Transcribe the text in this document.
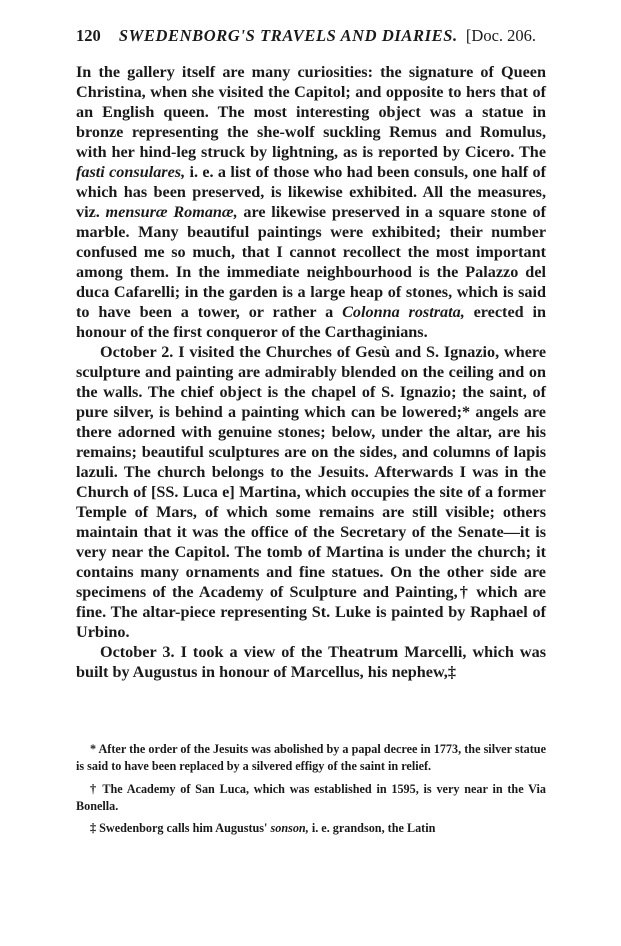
120 SWEDENBORG'S TRAVELS AND DIARIES. [Doc. 206.

In the gallery itself are many curiosities: the signature of Queen Christina, when she visited the Capitol; and opposite to hers that of an English queen. The most interesting object was a statue in bronze representing the she-wolf suckling Remus and Romulus, with her hind-leg struck by lightning, as is reported by Cicero. The fasti consulares, i. e. a list of those who had been consuls, one half of which has been preserved, is likewise exhibited. All the measures, viz. mensuræ Romanæ, are likewise preserved in a square stone of marble. Many beautiful paintings were exhibited; their number confused me so much, that I cannot recollect the most important among them. In the immediate neighbourhood is the Palazzo del duca Cafarelli; in the garden is a large heap of stones, which is said to have been a tower, or rather a Colonna rostrata, erected in honour of the first conqueror of the Carthaginians.

October 2. I visited the Churches of Gesù and S. Ignazio, where sculpture and painting are admirably blended on the ceiling and on the walls. The chief object is the chapel of S. Ignazio; the saint, of pure silver, is behind a painting which can be lowered;* angels are there adorned with genuine stones; below, under the altar, are his remains; beautiful sculptures are on the sides, and columns of lapis lazuli. The church belongs to the Jesuits. Afterwards I was in the Church of [SS. Luca e] Martina, which occupies the site of a former Temple of Mars, of which some remains are still visible; others maintain that it was the office of the Secretary of the Senate—it is very near the Capitol. The tomb of Martina is under the church; it contains many ornaments and fine statues. On the other side are specimens of the Academy of Sculpture and Painting,† which are fine. The altar-piece representing St. Luke is painted by Raphael of Urbino.

October 3. I took a view of the Theatrum Marcelli, which was built by Augustus in honour of Marcellus, his nephew,‡

* After the order of the Jesuits was abolished by a papal decree in 1773, the silver statue is said to have been replaced by a silvered effigy of the saint in relief.

† The Academy of San Luca, which was established in 1595, is very near in the Via Bonella.

‡ Swedenborg calls him Augustus' sonson, i. e. grandson, the Latin
